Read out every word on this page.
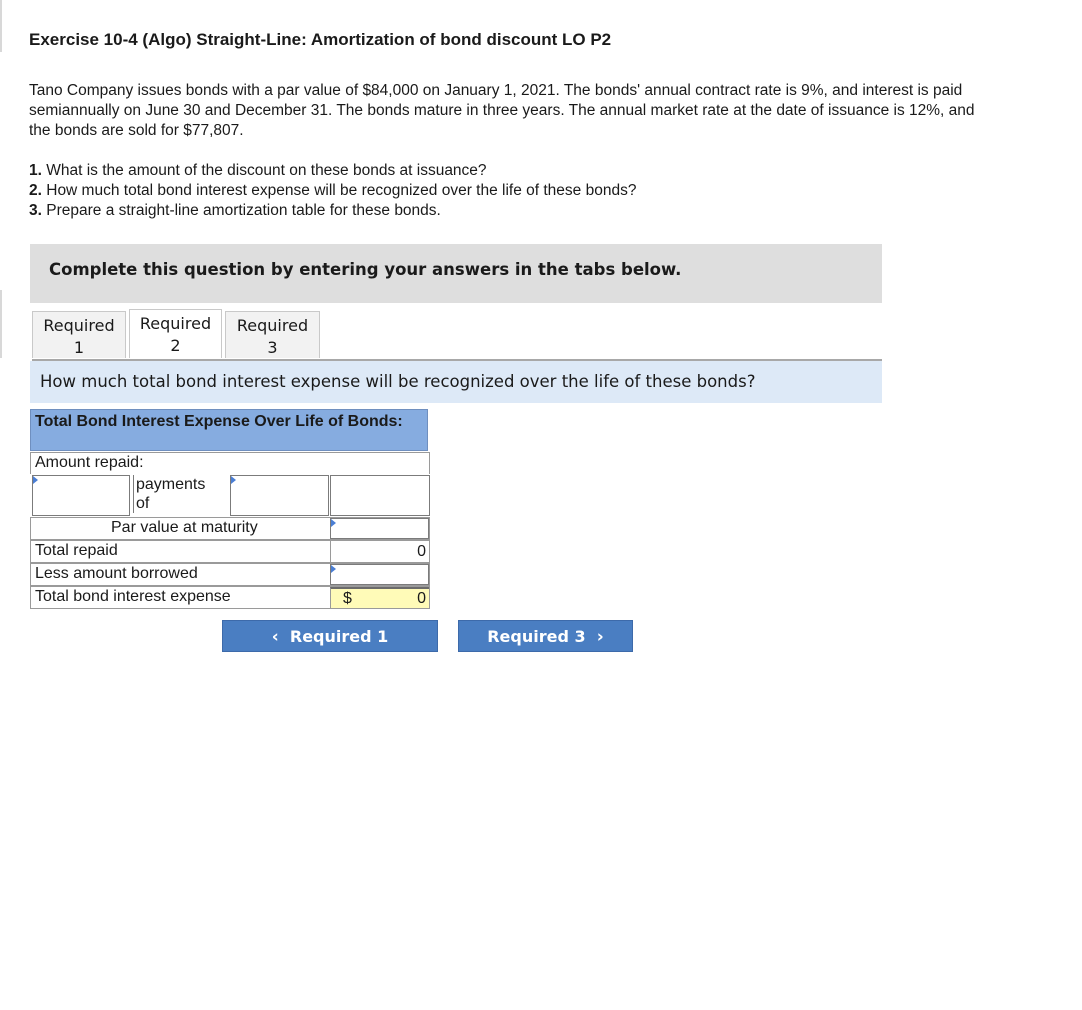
Exercise 10-4 (Algo) Straight-Line: Amortization of bond discount LO P2
Tano Company issues bonds with a par value of $84,000 on January 1, 2021. The bonds' annual contract rate is 9%, and interest is paid semiannually on June 30 and December 31. The bonds mature in three years. The annual market rate at the date of issuance is 12%, and the bonds are sold for $77,807.
1. What is the amount of the discount on these bonds at issuance?
2. How much total bond interest expense will be recognized over the life of these bonds?
3. Prepare a straight-line amortization table for these bonds.
Complete this question by entering your answers in the tabs below.
Required
1
Required
2
Required
3
How much total bond interest expense will be recognized over the life of these bonds?
Total Bond Interest Expense Over Life of Bonds:
Amount repaid:
payments of
Par value at maturity
Total repaid	0
Less amount borrowed
Total bond interest expense	$	0
‹ Required 1	Required 3 ›
